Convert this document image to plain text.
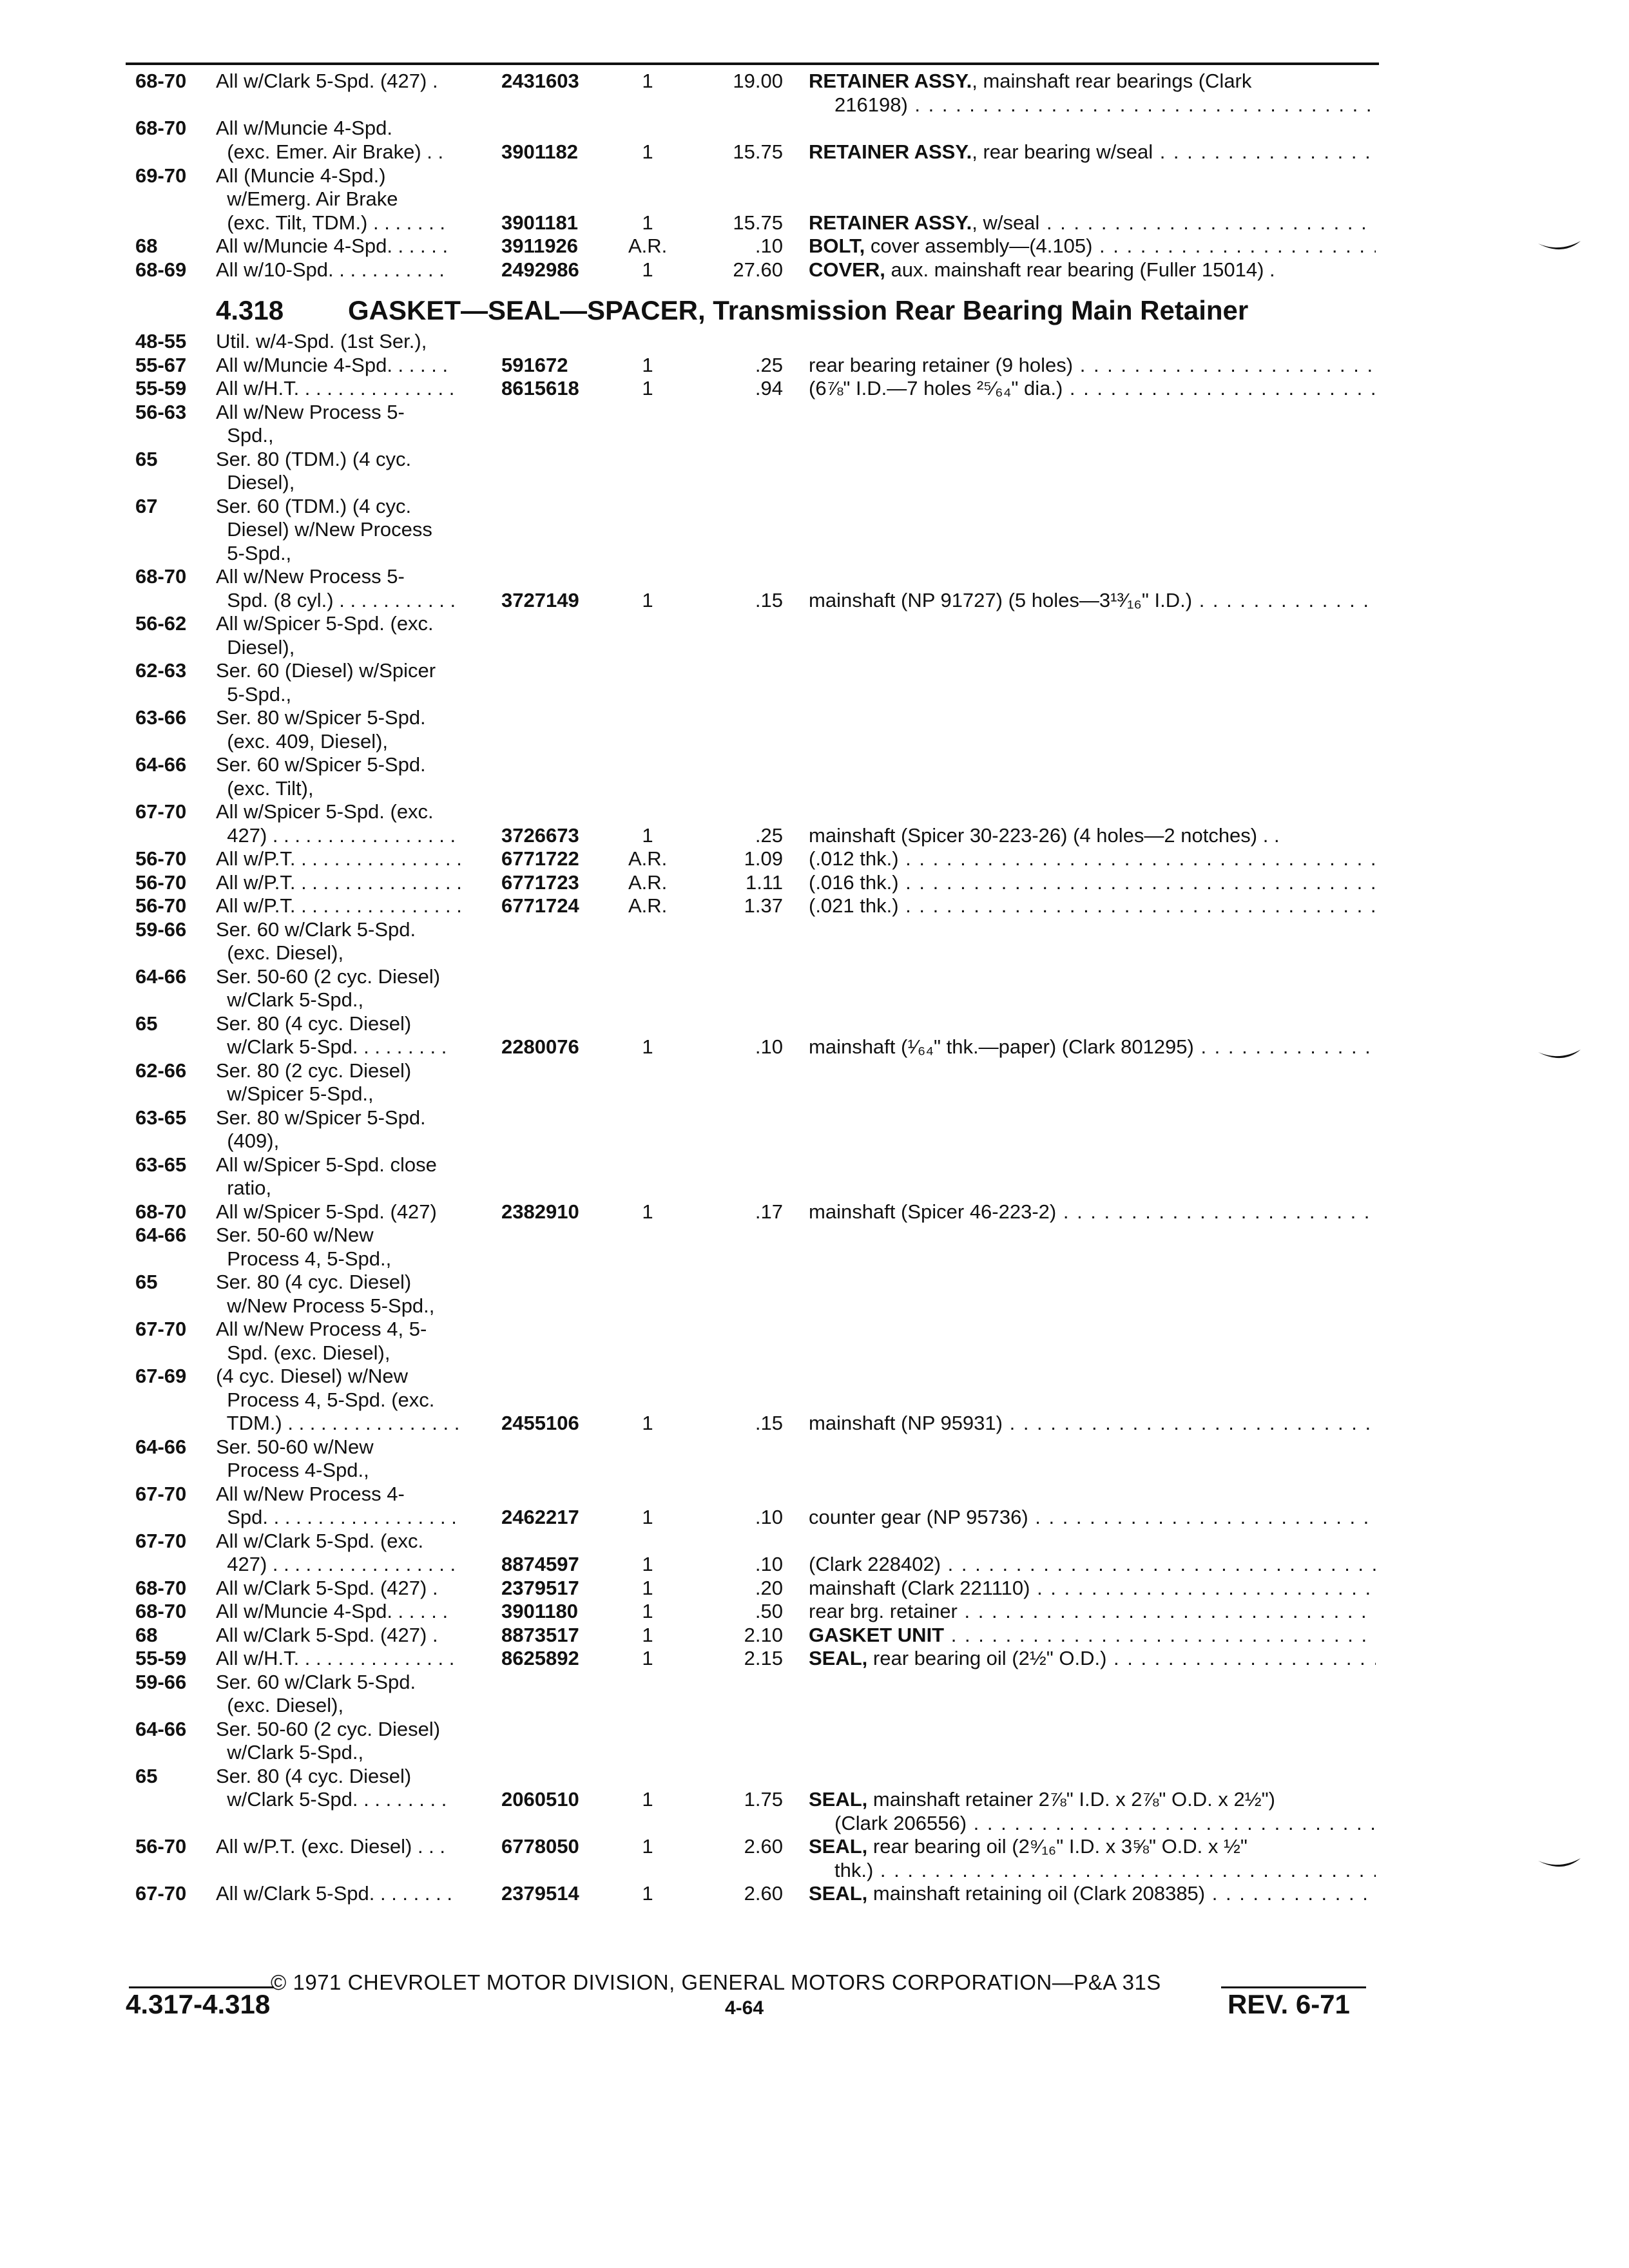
68-70 All w/Clark 5-Spd. (427) .	2431603	1	19.00 RETAINER ASSY., mainshaft rear bearings (Clark
216198) . . .
68-70 All w/Muncie 4-Spd.
(exc. Emer. Air Brake) . .	3901182	1	15.75 RETAINER ASSY., rear bearing w/seal . . .
69-70 All (Muncie 4-Spd.)
w/Emerg. Air Brake
(exc. Tilt, TDM.) . . . . . . .	3901181	1	15.75 RETAINER ASSY., w/seal . . .
68	All w/Muncie 4-Spd. . . . . .	3911926	A.R.	.10 BOLT, cover assembly—(4.105) . . .
68-69 All w/10-Spd. . . . . . . . . . .	2492986	1	27.60 COVER, aux. mainshaft rear bearing (Fuller 15014) .
4.318 GASKET—SEAL—SPACER, Transmission Rear Bearing Main Retainer
48-55 Util. w/4-Spd. (1st Ser.),
55-67 All w/Muncie 4-Spd. . . . . .	591672	1	.25 rear bearing retainer (9 holes) . . .
55-59 All w/H.T. . . . . . . . . . . . . . .	8615618	1	.94 (6⅞" I.D.—7 holes ²⁵⁄₆₄" dia.) . . .
56-63 All w/New Process 5-
Spd.,
65	Ser. 80 (TDM.) (4 cyc.
Diesel),
67	Ser. 60 (TDM.) (4 cyc.
Diesel) w/New Process
5-Spd.,
68-70 All w/New Process 5-
Spd. (8 cyl.) . . . . . . . . . . .	3727149	1	.15 mainshaft (NP 91727) (5 holes—3¹³⁄₁₆" I.D.) . . .
56-62 All w/Spicer 5-Spd. (exc.
Diesel),
62-63 Ser. 60 (Diesel) w/Spicer
5-Spd.,
63-66 Ser. 80 w/Spicer 5-Spd.
(exc. 409, Diesel),
64-66 Ser. 60 w/Spicer 5-Spd.
(exc. Tilt),
67-70 All w/Spicer 5-Spd. (exc.
427) . . . . . . . . . . . . . . . . .	3726673	1	.25 mainshaft (Spicer 30-223-26) (4 holes—2 notches) . .
56-70 All w/P.T. . . . . . . . . . . . . . . .	6771722	A.R.	1.09 (.012 thk.) . . .
56-70 All w/P.T. . . . . . . . . . . . . . . .	6771723	A.R.	1.11 (.016 thk.) . . .
56-70 All w/P.T. . . . . . . . . . . . . . . .	6771724	A.R.	1.37 (.021 thk.) . . .
59-66 Ser. 60 w/Clark 5-Spd.
(exc. Diesel),
64-66 Ser. 50-60 (2 cyc. Diesel)
w/Clark 5-Spd.,
65	Ser. 80 (4 cyc. Diesel)
w/Clark 5-Spd. . . . . . . . .	2280076	1	.10 mainshaft (¹⁄₆₄" thk.—paper) (Clark 801295) . . .
62-66 Ser. 80 (2 cyc. Diesel)
w/Spicer 5-Spd.,
63-65 Ser. 80 w/Spicer 5-Spd.
(409),
63-65 All w/Spicer 5-Spd. close
ratio,
68-70 All w/Spicer 5-Spd. (427)	2382910	1	.17 mainshaft (Spicer 46-223-2) . . .
64-66 Ser. 50-60 w/New
Process 4, 5-Spd.,
65	Ser. 80 (4 cyc. Diesel)
w/New Process 5-Spd.,
67-70 All w/New Process 4, 5-
Spd. (exc. Diesel),
67-69 (4 cyc. Diesel) w/New
Process 4, 5-Spd. (exc.
TDM.) . . . . . . . . . . . . . . . .	2455106	1	.15 mainshaft (NP 95931) . . .
64-66 Ser. 50-60 w/New
Process 4-Spd.,
67-70 All w/New Process 4-
Spd. . . . . . . . . . . . . . . . . .	2462217	1	.10 counter gear (NP 95736) . . .
67-70 All w/Clark 5-Spd. (exc.
427) . . . . . . . . . . . . . . . . .	8874597	1	.10 (Clark 228402) . . .
68-70 All w/Clark 5-Spd. (427) .	2379517	1	.20 mainshaft (Clark 221110) . . .
68-70 All w/Muncie 4-Spd. . . . . .	3901180	1	.50 rear brg. retainer . . .
68	All w/Clark 5-Spd. (427) .	8873517	1	2.10 GASKET UNIT . . .
55-59 All w/H.T. . . . . . . . . . . . . . .	8625892	1	2.15 SEAL, rear bearing oil (2½" O.D.) . . .
59-66 Ser. 60 w/Clark 5-Spd.
(exc. Diesel),
64-66 Ser. 50-60 (2 cyc. Diesel)
w/Clark 5-Spd.,
65	Ser. 80 (4 cyc. Diesel)
w/Clark 5-Spd. . . . . . . . .	2060510	1	1.75 SEAL, mainshaft retainer 2⅞" I.D. x 2⅞" O.D. x 2½")
(Clark 206556) . . .
56-70 All w/P.T. (exc. Diesel) . . .	6778050	1	2.60 SEAL, rear bearing oil (2⁹⁄₁₆" I.D. x 3⅝" O.D. x ½"
thk.) . . .
67-70 All w/Clark 5-Spd. . . . . . . .	2379514	1	2.60 SEAL, mainshaft retaining oil (Clark 208385) . . .
© 1971 CHEVROLET MOTOR DIVISION, GENERAL MOTORS CORPORATION—P&A 31S
4.317-4.318	4-64	REV. 6-71
